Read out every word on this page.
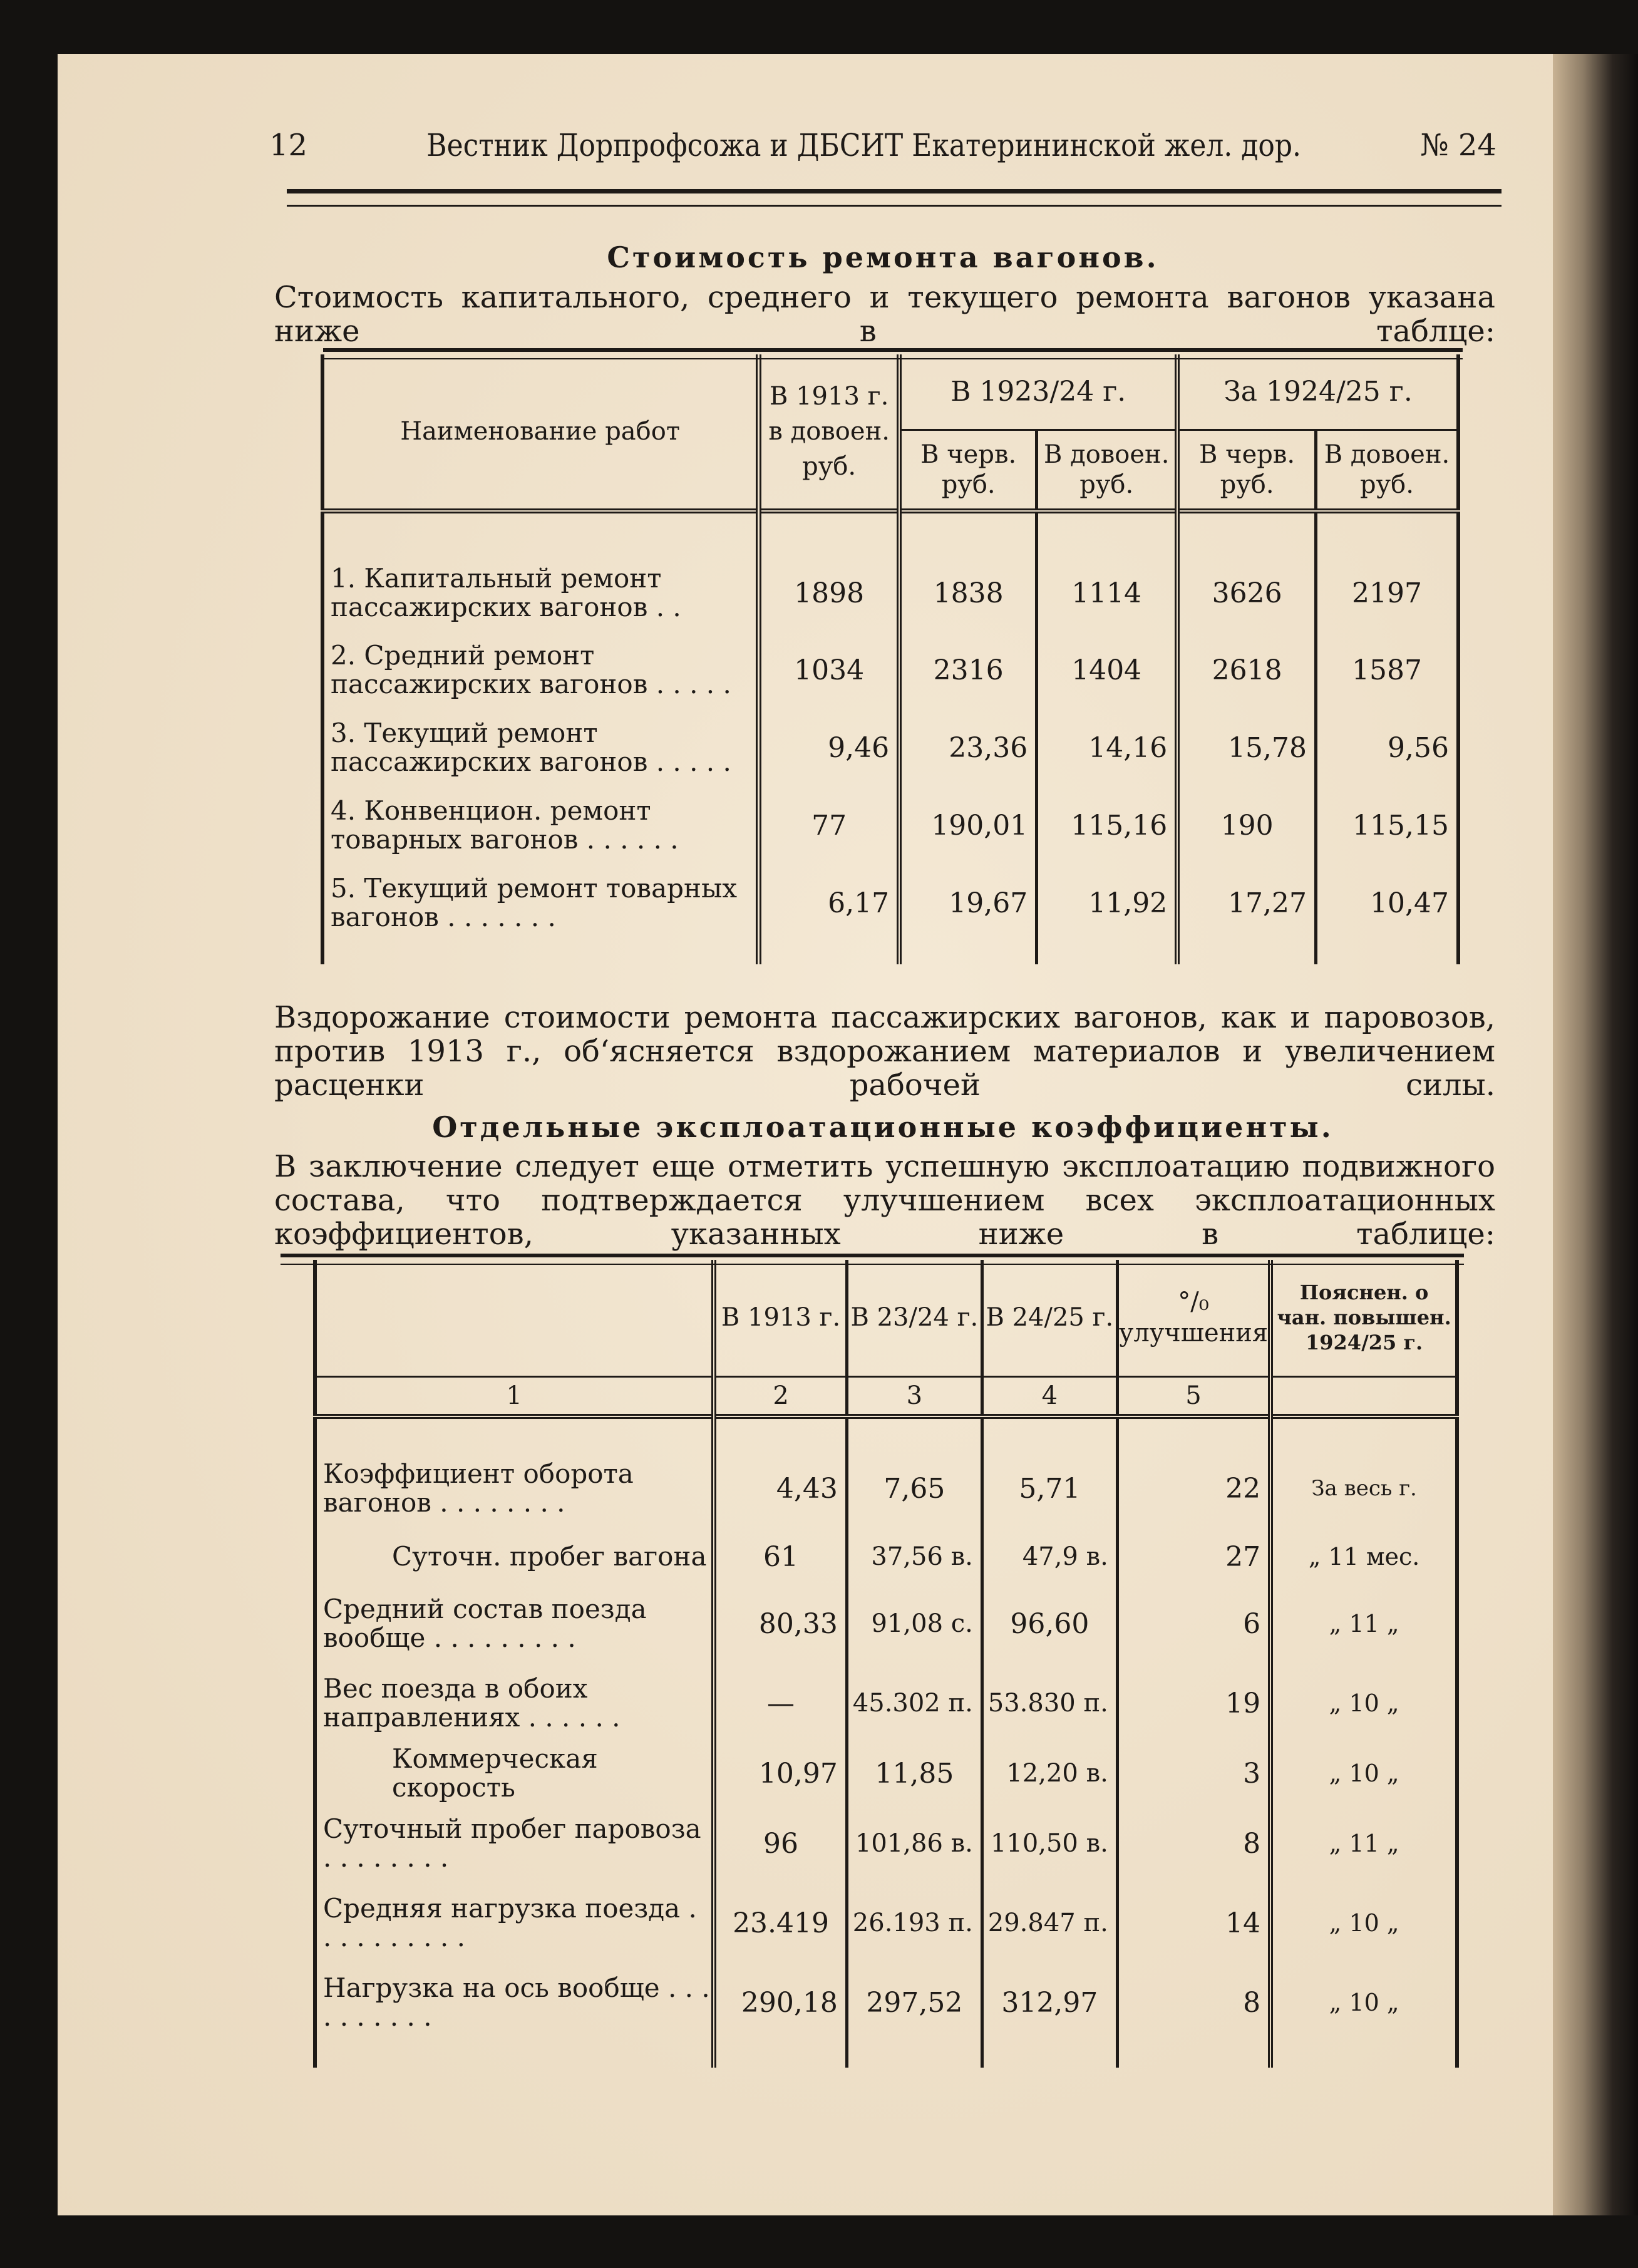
12	Вестник Дорпрофсожа и ДБСИТ Екатерининской жел. дор.	№ 24
Стоимость ремонта вагонов.
Стоимость капитального, среднего и текущего ремонта вагонов указана ниже в таблце:
Наименование работ	В 1913 г. в довоен. руб.	В 1923/24 г.		За 1924/25 г.	
		В черв. руб.	В довоен. руб.	В черв. руб.	В довоен. руб.

1. Капитальный ремонт пассажирских вагонов . .	1898	1838	1114	3626	2197
2. Средний ремонт пассажирских вагонов . . . . .	1034	2316	1404	2618	1587
3. Текущий ремонт пассажирских вагонов . . . . .	9,46	23,36	14,16	15,78	9,56
4. Конвенцион. ремонт товарных вагонов . . . . . .	77	190,01	115,16	190	115,15
5. Текущий ремонт товарных вагонов . . . . . . .	6,17	19,67	11,92	17,27	10,47

Вздорожание стоимости ремонта пассажирских вагонов, как и паровозов, против 1913 г., об‘ясняется вздорожанием материалов и увеличением расценки рабочей силы.
Отдельные эксплоатационные коэффициенты.
В заключение следует еще отметить успешную эксплоатацию подвижного состава, что подтверждается улучшением всех эксплоатационных коэффициентов, указанных ниже в таблице:
	В 1913 г.	В 23/24 г.	В 24/25 г.	°/₀ улучшения	Пояснен. о чан. повышен. 1924/25 г.
1	2	3	4	5	

Коэффициент оборота вагонов . . . . . . . .	4,43	7,65	5,71	22	За весь г.
Суточн. пробег вагона	61	37,56 в.	47,9 в.	27	„ 11 мес.
Средний состав поезда вообще . . . . . . . . .	80,33	91,08 с.	96,60	6	„ 11 „
Вес поезда в обоих направлениях . . . . . .	—	45.302 п.	53.830 п.	19	„ 10 „
Коммерческая скорость	10,97	11,85	12,20 в.	3	„ 10 „
Суточный пробег паровоза . . . . . . . .	96	101,86 в.	110,50 в.	8	„ 11 „
Средняя нагрузка поезда . . . . . . . . . .	23.419	26.193 п.	29.847 п.	14	„ 10 „
Нагрузка на ось вообще . . . . . . . . . .	290,18	297,52	312,97	8	„ 10 „
